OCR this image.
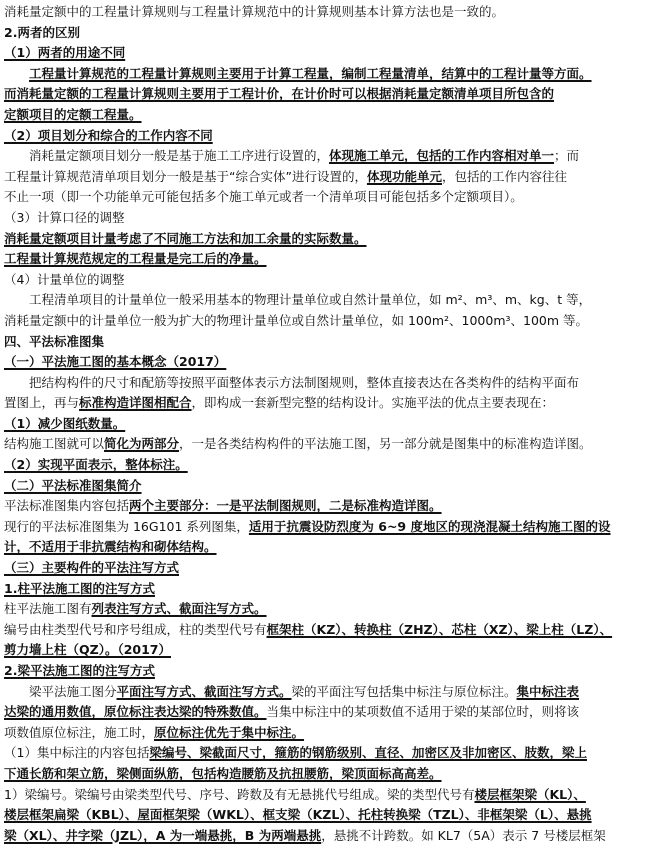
消耗量定额中的工程量计算规则与工程量计算规范中的计算规则基本计算方法也是一致的。
2.两者的区别
（1）两者的用途不同
工程量计算规范的工程量计算规则主要用于计算工程量，编制工程量清单，结算中的工程计量等方面。
而消耗量定额的工程量计算规则主要用于工程计价，在计价时可以根据消耗量定额清单项目所包含的
定额项目的定额工程量。
（2）项目划分和综合的工作内容不同
消耗量定额项目划分一般是基于施工工序进行设置的，体现施工单元，包括的工作内容相对单一；而
工程量计算规范清单项目划分一般是基于“综合实体”进行设置的，体现功能单元，包括的工作内容往往
不止一项（即一个功能单元可能包括多个施工单元或者一个清单项目可能包括多个定额项目）。
（3）计算口径的调整
消耗量定额项目计量考虑了不同施工方法和加工余量的实际数量。
工程量计算规范规定的工程量是完工后的净量。
（4）计量单位的调整
工程清单项目的计量单位一般采用基本的物理计量单位或自然计量单位，如 m²、m³、m、kg、t 等，
消耗量定额中的计量单位一般为扩大的物理计量单位或自然计量单位，如 100m²、1000m³、100m 等。
四、平法标准图集
（一）平法施工图的基本概念（2017）
把结构构件的尺寸和配筋等按照平面整体表示方法制图规则，整体直接表达在各类构件的结构平面布
置图上，再与标准构造详图相配合，即构成一套新型完整的结构设计。实施平法的优点主要表现在：
（1）减少图纸数量。
结构施工图就可以简化为两部分，一是各类结构构件的平法施工图，另一部分就是图集中的标准构造详图。
（2）实现平面表示，整体标注。
（二）平法标准图集简介
平法标准图集内容包括两个主要部分：一是平法制图规则，二是标准构造详图。
现行的平法标准图集为 16G101 系列图集，适用于抗震设防烈度为 6~9 度地区的现浇混凝土结构施工图的设
计，不适用于非抗震结构和砌体结构。
（三）主要构件的平法注写方式
1.柱平法施工图的注写方式
柱平法施工图有列表注写方式、截面注写方式。
编号由柱类型代号和序号组成，柱的类型代号有框架柱（KZ）、转换柱（ZHZ）、芯柱（XZ）、梁上柱（LZ）、
剪力墙上柱（QZ）。（2017）
2.梁平法施工图的注写方式
梁平法施工图分平面注写方式、截面注写方式。梁的平面注写包括集中标注与原位标注。集中标注表
达梁的通用数值，原位标注表达梁的特殊数值。当集中标注中的某项数值不适用于梁的某部位时，则将该
项数值原位标注，施工时，原位标注优先于集中标注。
（1）集中标注的内容包括梁编号、梁截面尺寸，箍筋的钢筋级别、直径、加密区及非加密区、肢数，梁上
下通长筋和架立筋，梁侧面纵筋，包括构造腰筋及抗扭腰筋，梁顶面标高高差。
1）梁编号。梁编号由梁类型代号、序号、跨数及有无悬挑代号组成。梁的类型代号有楼层框架梁（KL）、
楼层框架扁梁（KBL）、屋面框架梁（WKL）、框支梁（KZL）、托柱转换梁（TZL）、非框架梁（L）、悬挑
梁（XL）、井字梁（JZL），A 为一端悬挑，B 为两端悬挑，悬挑不计跨数。如 KL7（5A）表示 7 号楼层框架
